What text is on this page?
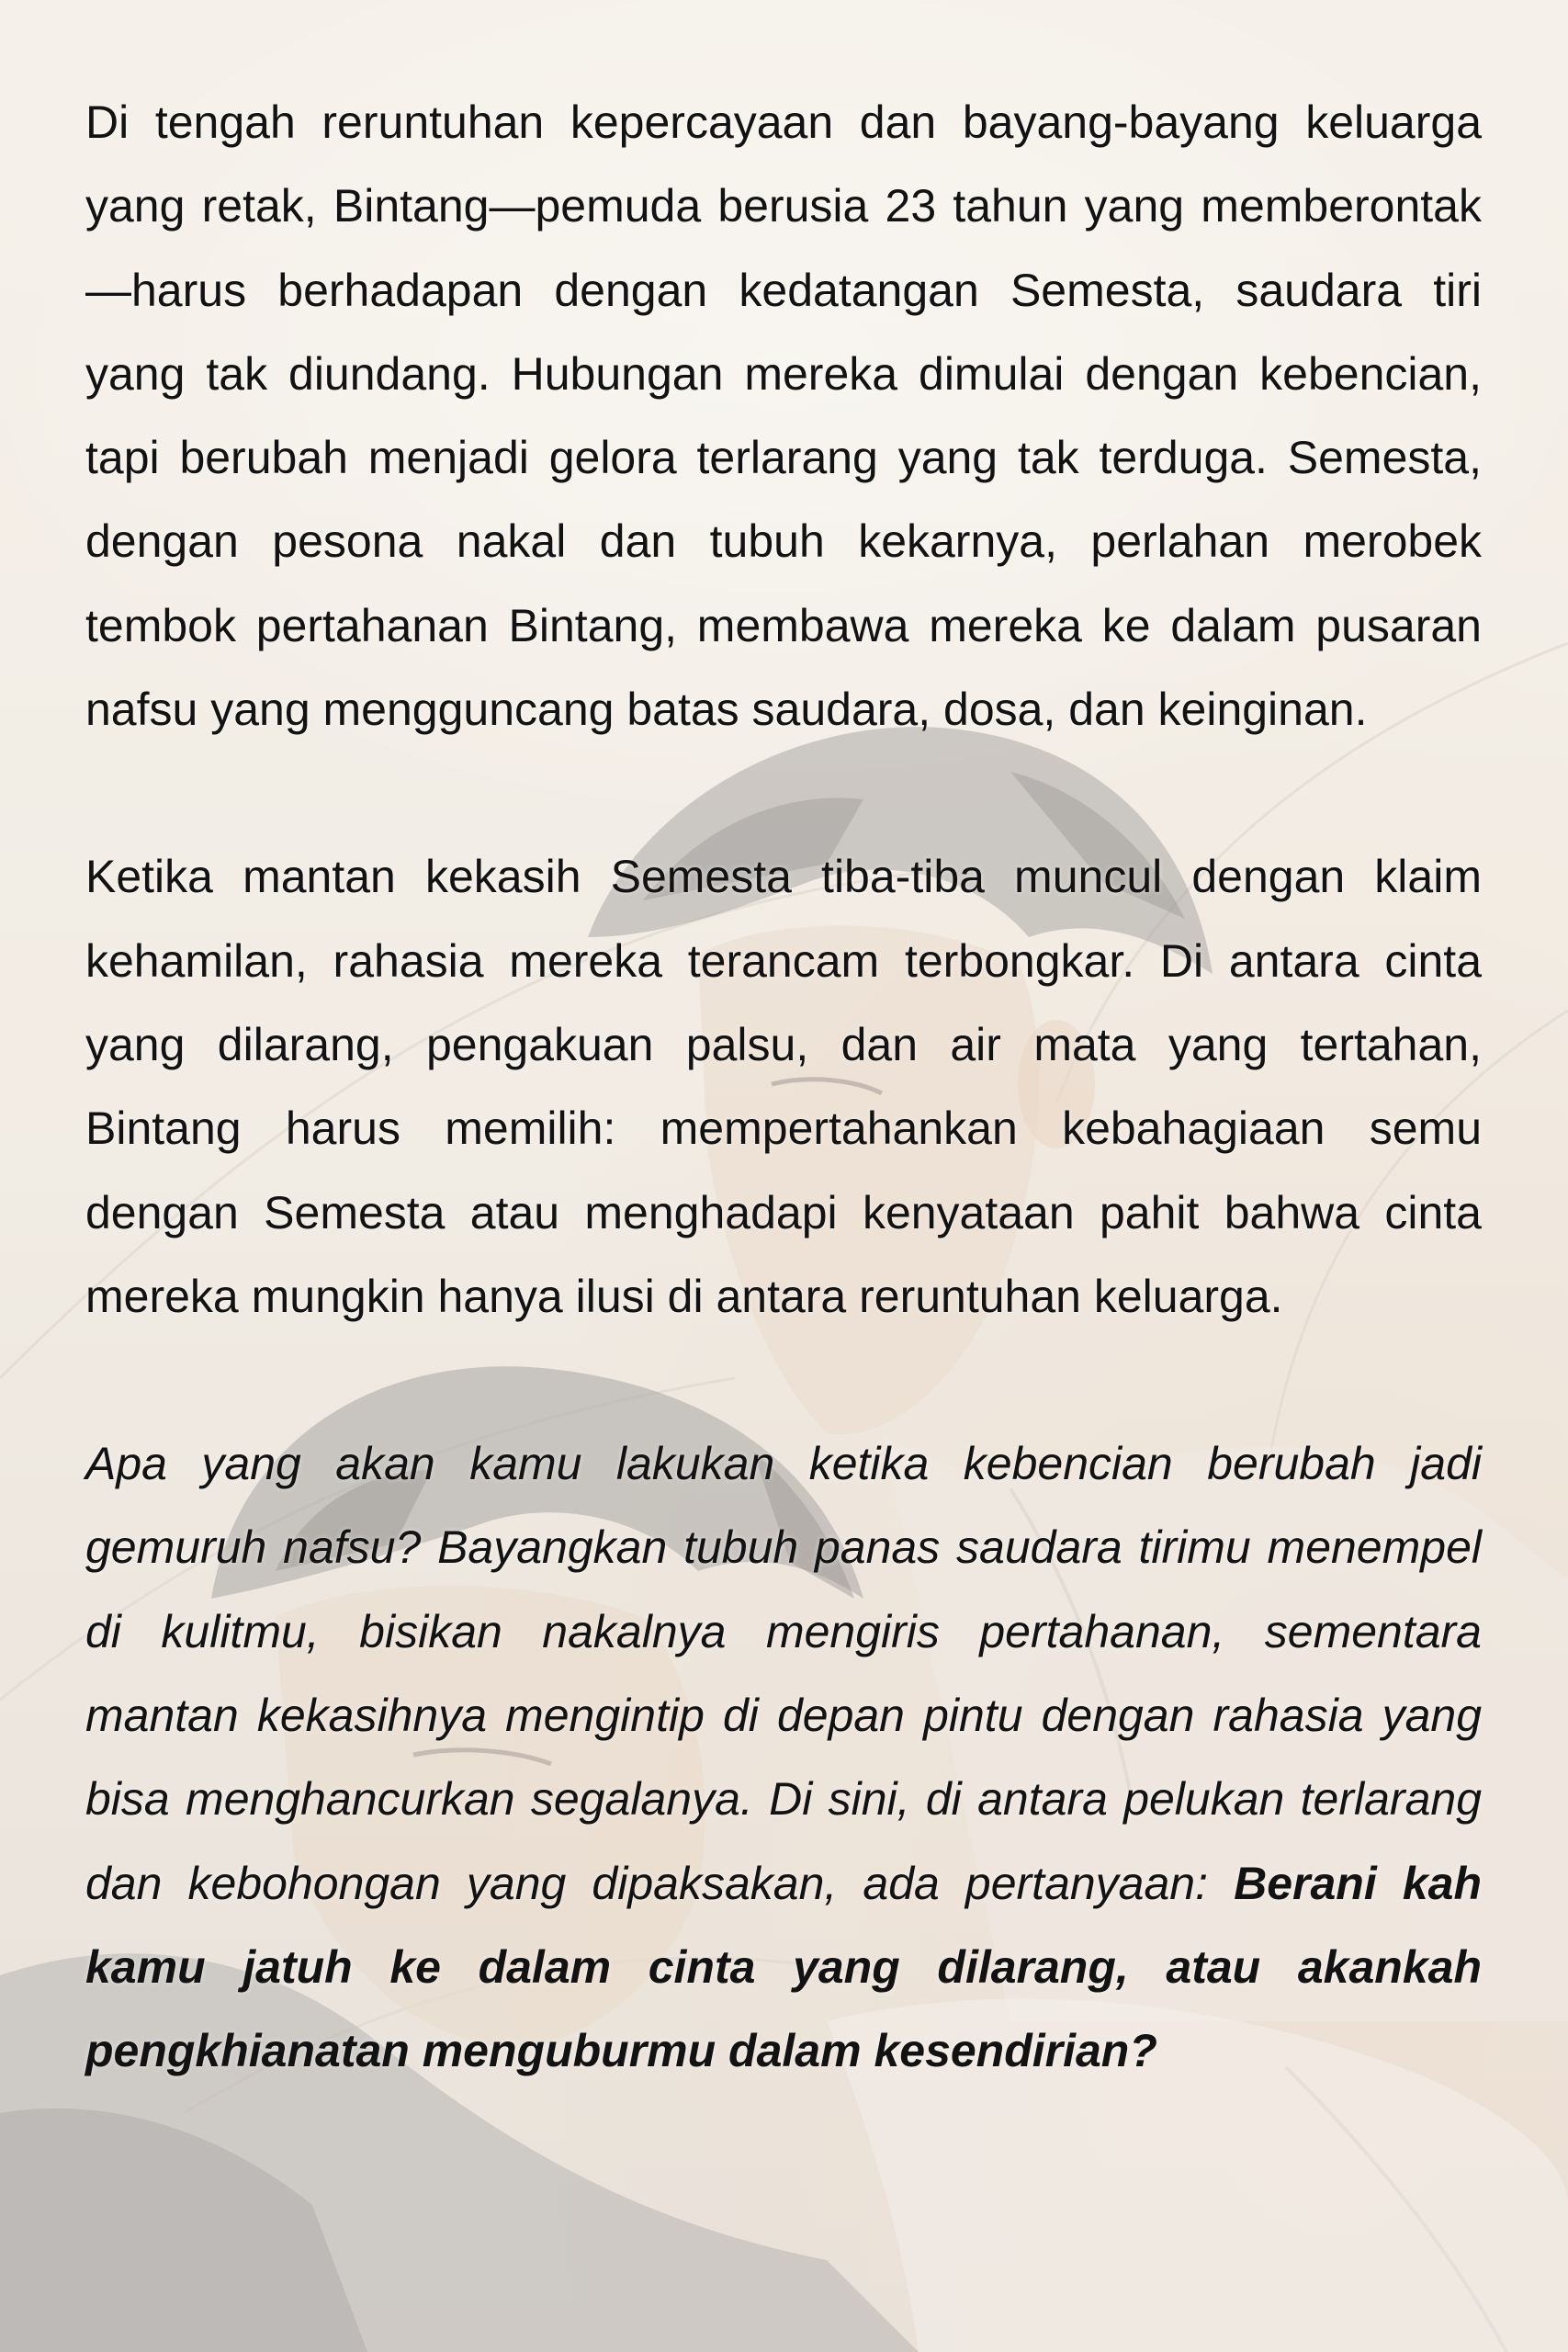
Di tengah reruntuhan kepercayaan dan bayang-bayang keluarga yang retak, Bintang—pemuda berusia 23 tahun yang memberontak—harus berhadapan dengan kedatangan Semesta, saudara tiri yang tak diundang. Hubungan mereka dimulai dengan kebencian, tapi berubah menjadi gelora terlarang yang tak terduga. Semesta, dengan pesona nakal dan tubuh kekarnya, perlahan merobek tembok pertahanan Bintang, membawa mereka ke dalam pusaran nafsu yang mengguncang batas saudara, dosa, dan keinginan.

Ketika mantan kekasih Semesta tiba-tiba muncul dengan klaim kehamilan, rahasia mereka terancam terbongkar. Di antara cinta yang dilarang, pengakuan palsu, dan air mata yang tertahan, Bintang harus memilih: mempertahankan kebahagiaan semu dengan Semesta atau menghadapi kenyataan pahit bahwa cinta mereka mungkin hanya ilusi di antara reruntuhan keluarga.

Apa yang akan kamu lakukan ketika kebencian berubah jadi gemuruh nafsu? Bayangkan tubuh panas saudara tirimu menempel di kulitmu, bisikan nakalnya mengiris pertahanan, sementara mantan kekasihnya mengintip di depan pintu dengan rahasia yang bisa menghancurkan segalanya. Di sini, di antara pelukan terlarang dan kebohongan yang dipaksakan, ada pertanyaan: Berani kah kamu jatuh ke dalam cinta yang dilarang, atau akankah pengkhianatan menguburmu dalam kesendirian?
